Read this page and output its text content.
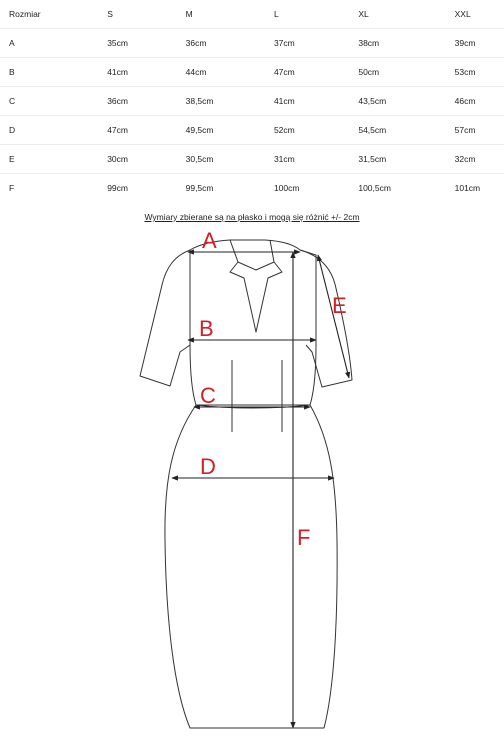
Rozmiar	S	M	L	XL	XXL
A	35cm	36cm	37cm	38cm	39cm
B	41cm	44cm	47cm	50cm	53cm
C	36cm	38,5cm	41cm	43,5cm	46cm
D	47cm	49,5cm	52cm	54,5cm	57cm
E	30cm	30,5cm	31cm	31,5cm	32cm
F	99cm	99,5cm	100cm	100,5cm	101cm
Wymiary zbierane są na płasko i mogą się różnić +/- 2cm
A
B
C
D
E
F
